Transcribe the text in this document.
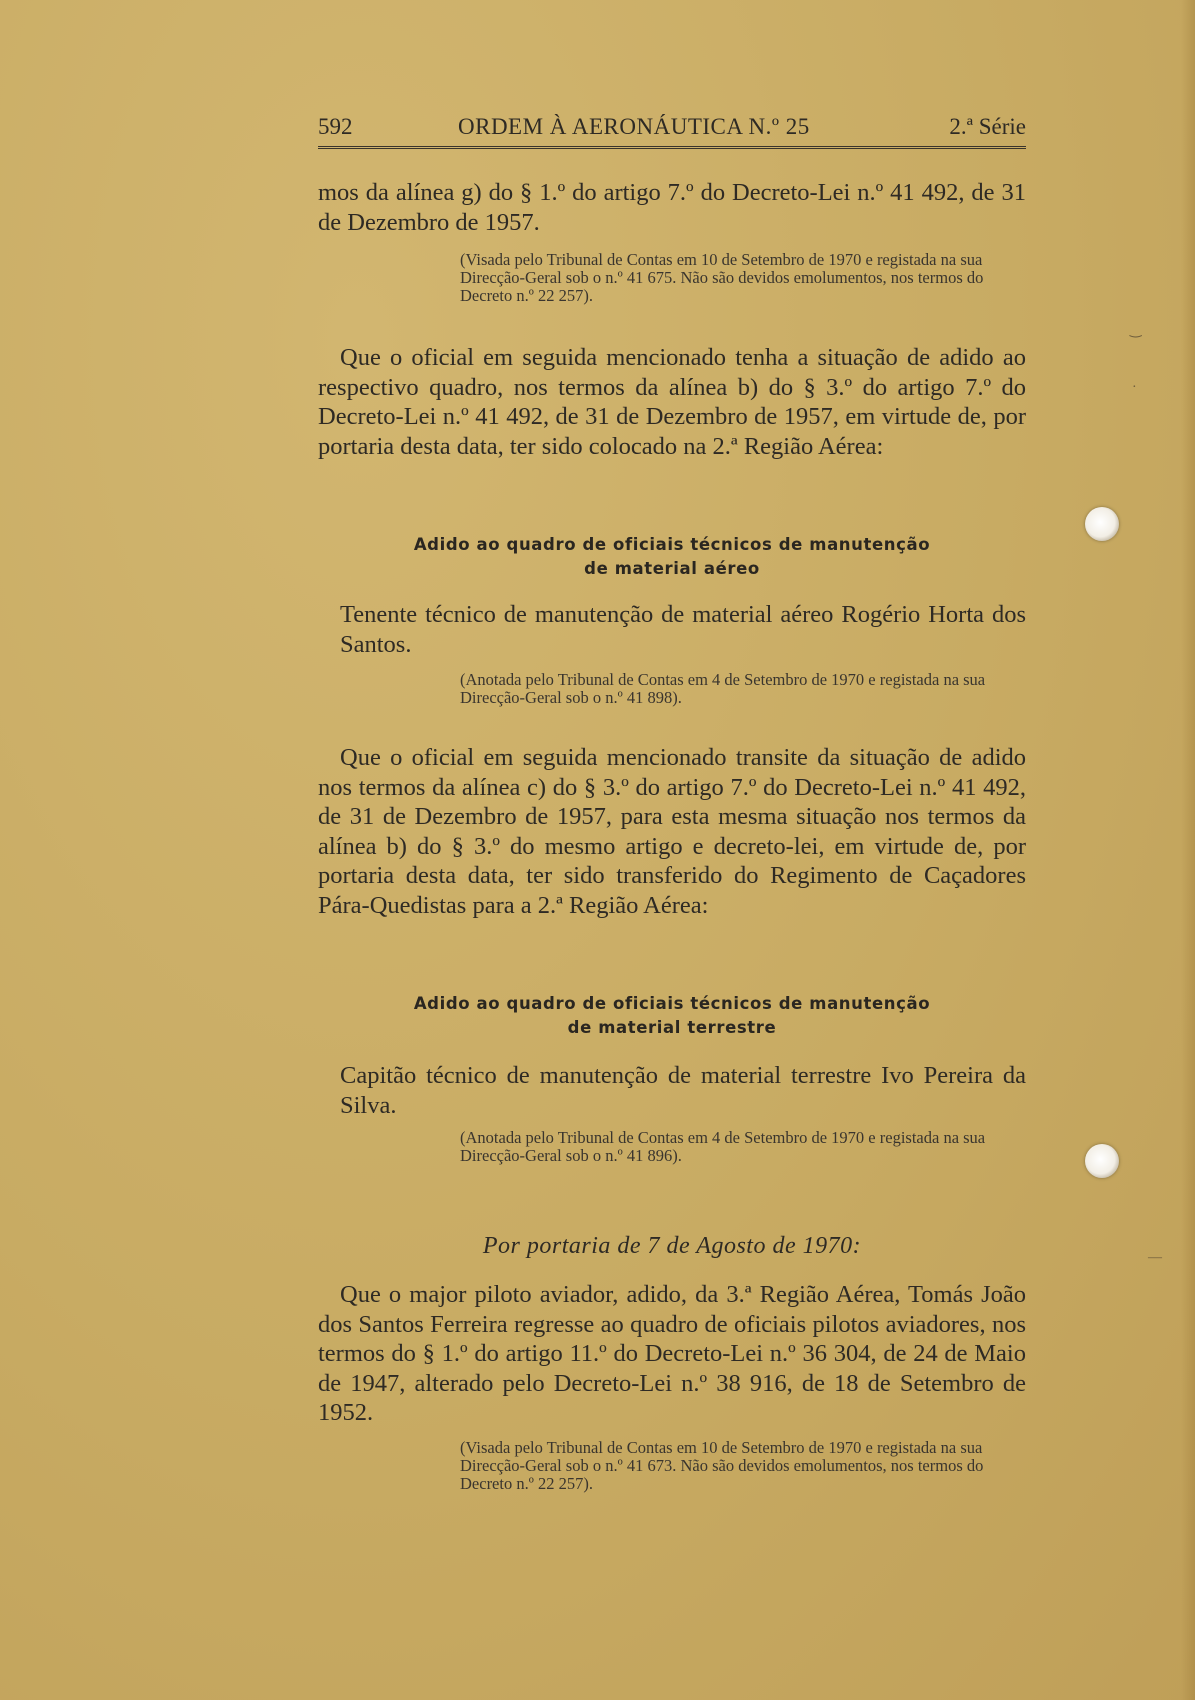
592	ORDEM À AERONÁUTICA N.º 25	2.ª Série
mos da alínea g) do § 1.º do artigo 7.º do Decreto-Lei n.º 41 492, de 31 de Dezembro de 1957.
(Visada pelo Tribunal de Contas em 10 de Setembro de 1970 e registada na sua Direcção-Geral sob o n.º 41 675. Não são devidos emolumentos, nos termos do Decreto n.º 22 257).
Que o oficial em seguida mencionado tenha a situação de adido ao respectivo quadro, nos termos da alínea b) do § 3.º do artigo 7.º do Decreto-Lei n.º 41 492, de 31 de Dezembro de 1957, em virtude de, por portaria desta data, ter sido colocado na 2.ª Região Aérea:
Adido ao quadro de oficiais técnicos de manutenção
de material aéreo
Tenente técnico de manutenção de material aéreo Rogério Horta dos Santos.
(Anotada pelo Tribunal de Contas em 4 de Setembro de 1970 e registada na sua Direcção-Geral sob o n.º 41 898).
Que o oficial em seguida mencionado transite da situação de adido nos termos da alínea c) do § 3.º do artigo 7.º do Decreto-Lei n.º 41 492, de 31 de Dezembro de 1957, para esta mesma situação nos termos da alínea b) do § 3.º do mesmo artigo e decreto-lei, em virtude de, por portaria desta data, ter sido transferido do Regimento de Caçadores Pára-Quedistas para a 2.ª Região Aérea:
Adido ao quadro de oficiais técnicos de manutenção
de material terrestre
Capitão técnico de manutenção de material terrestre Ivo Pereira da Silva.
(Anotada pelo Tribunal de Contas em 4 de Setembro de 1970 e registada na sua Direcção-Geral sob o n.º 41 896).
Por portaria de 7 de Agosto de 1970:
Que o major piloto aviador, adido, da 3.ª Região Aérea, Tomás João dos Santos Ferreira regresse ao quadro de oficiais pilotos aviadores, nos termos do § 1.º do artigo 11.º do Decreto-Lei n.º 36 304, de 24 de Maio de 1947, alterado pelo Decreto-Lei n.º 38 916, de 18 de Setembro de 1952.
(Visada pelo Tribunal de Contas em 10 de Setembro de 1970 e registada na sua Direcção-Geral sob o n.º 41 673. Não são devidos emolumentos, nos termos do Decreto n.º 22 257).
‿
·
—
